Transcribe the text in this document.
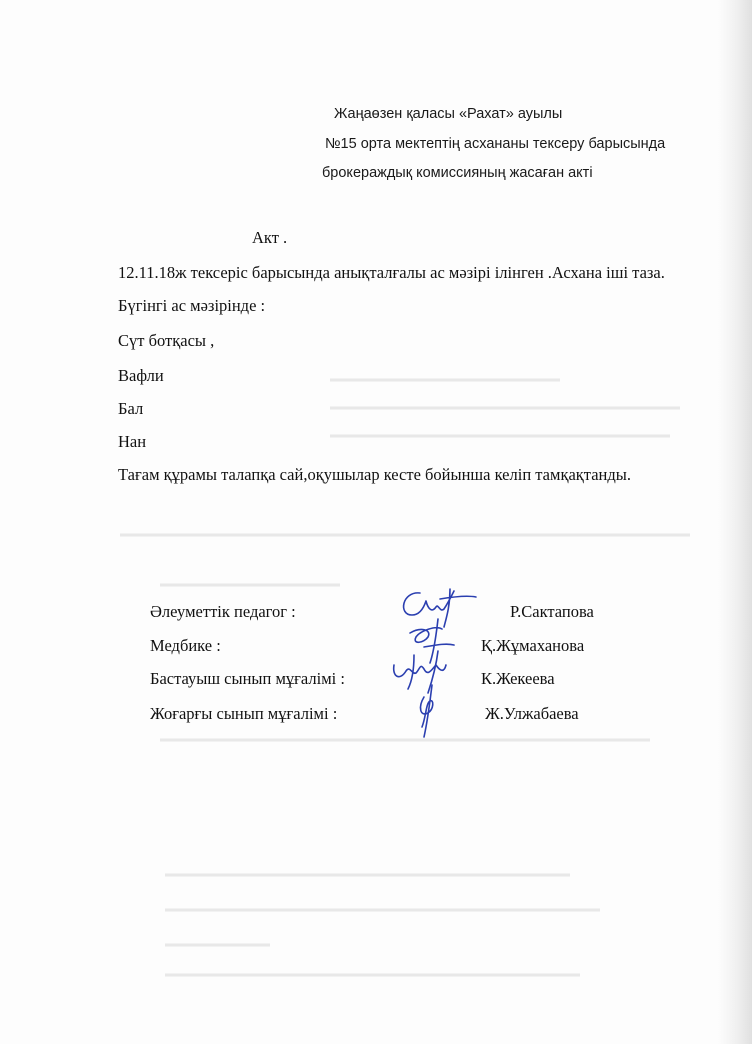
Жаңаөзен қаласы «Рахат» ауылы
№15 орта мектептің асхананы тексеру барысында
брокераждық комиссияның жасаған акті
Акт .
12.11.18ж тексеріс барысында анықталғалы ас мәзірі ілінген .Асхана іші таза.
Бүгінгі ас мәзірінде :
Сүт ботқасы ,
Вафли
Бал
Нан
Тағам құрамы талапқа сай,оқушылар кесте бойынша келіп тамқақтанды.
Әлеуметтік педагог :	Р.Сактапова
Медбике :	Қ.Жұмаханова
Бастауыш сынып мұғалімі :	К.Жекеева
Жоғарғы сынып мұғалімі :	Ж.Улжабаева
